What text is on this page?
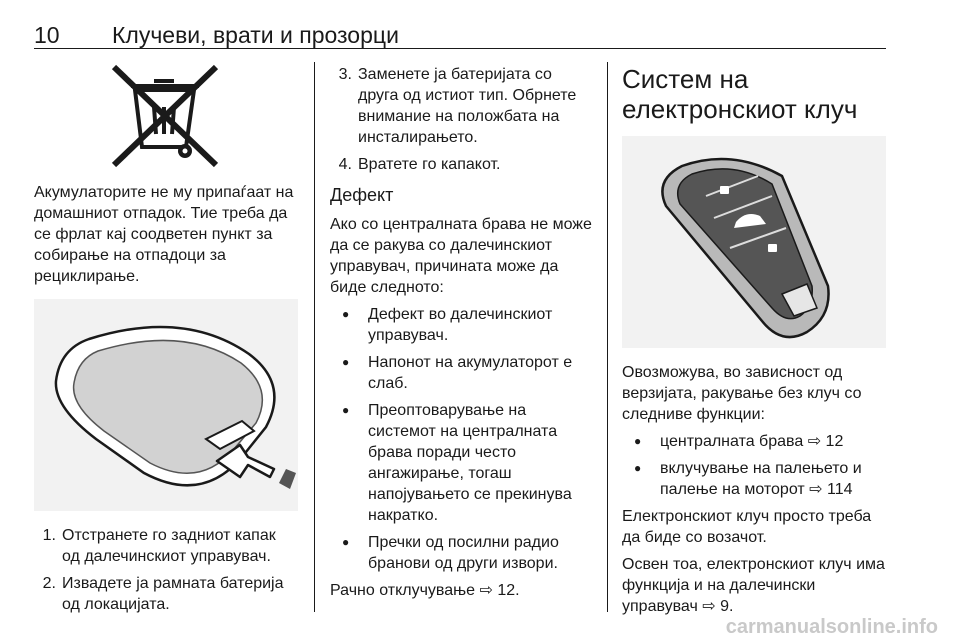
10 Клучеви, врати и прозорци

Акумулаторите не му припаѓаат на домашниот отпадок. Тие треба да се фрлат кај соодветен пункт за собирање на отпадоци за рециклирање.

1. Отстранете го задниот капак од далечинскиот управувач.
2. Извадете ја рамната батерија од локацијата.
3. Заменете ја батеријата со друга од истиот тип. Обрнете внимание на положбата на инсталирањето.
4. Вратете го капакот.
Дефект

Ако со централната брава не може да се ракува со далечинскиот управувач, причината може да биде следното:

● Дефект во далечинскиот управувач.
● Напонот на акумулаторот е слаб.
● Преоптоварување на системот на централната брава поради често ангажирање, тогаш напојувањето се прекинува накратко.
● Пречки од посилни радио бранови од други извори.

Рачно отклучување ⇨ 12.

Систем на електронскиот клуч

Овозможува, во зависност од верзијата, ракување без клуч со следниве функции:

● централната брава ⇨ 12
● вклучување на палењето и палење на моторот ⇨ 114

Електронскиот клуч просто треба да биде со возачот.

Освен тоа, електронскиот клуч има функција и на далечински управувач ⇨ 9.

carmanualsonline.info
